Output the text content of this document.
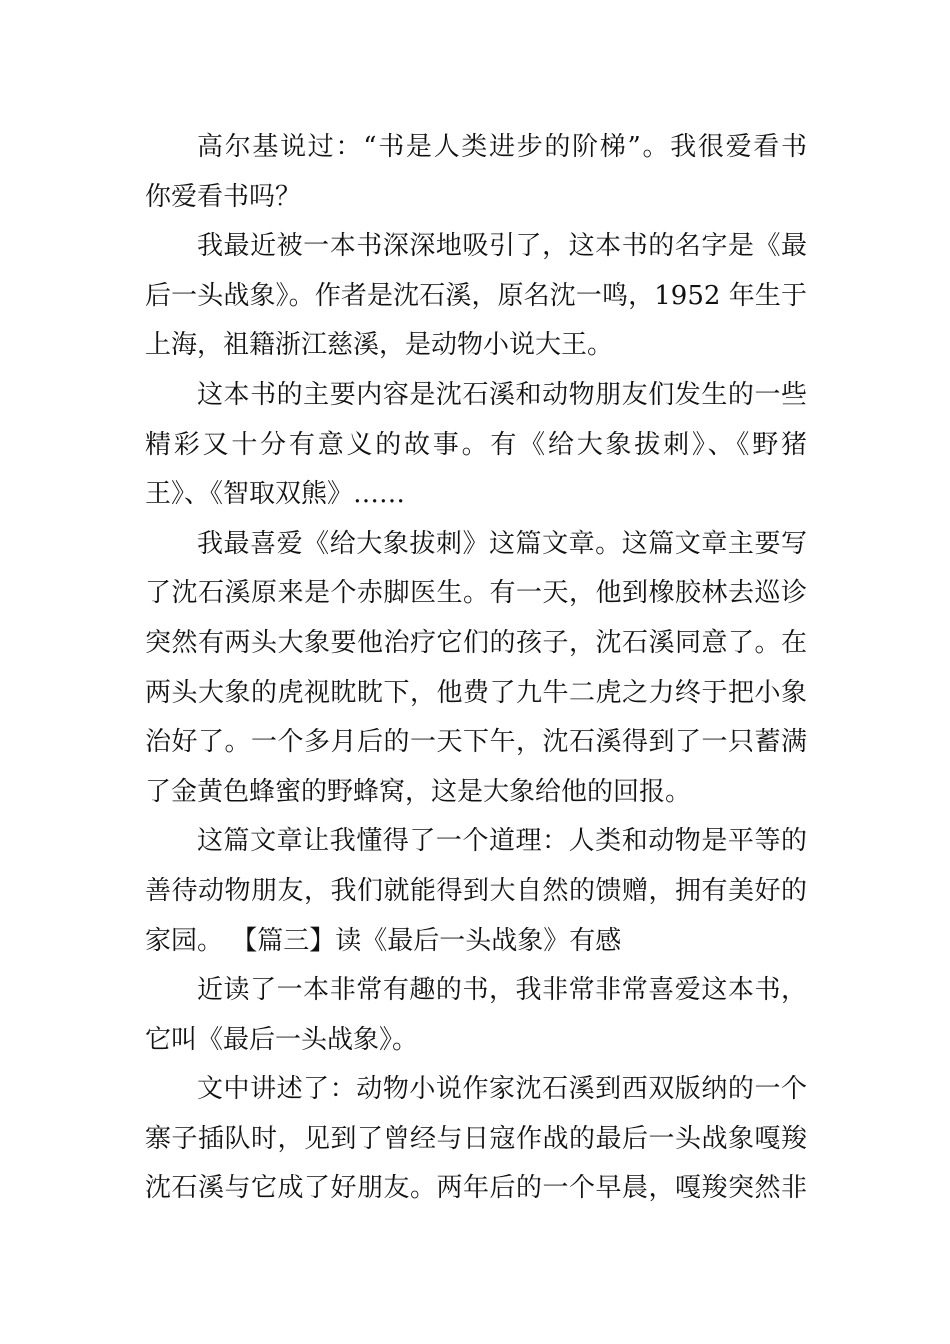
高尔基说过：“书是人类进步的阶梯”。我很爱看书
你爱看书吗？
我最近被一本书深深地吸引了，这本书的名字是《最
后一头战象》。作者是沈石溪，原名沈一鸣，1952 年生于
上海，祖籍浙江慈溪，是动物小说大王。
这本书的主要内容是沈石溪和动物朋友们发生的一些
精彩又十分有意义的故事。有《给大象拔刺》、《野猪
王》、《智取双熊》……
我最喜爱《给大象拔刺》这篇文章。这篇文章主要写
了沈石溪原来是个赤脚医生。有一天，他到橡胶林去巡诊
突然有两头大象要他治疗它们的孩子，沈石溪同意了。在
两头大象的虎视眈眈下，他费了九牛二虎之力终于把小象
治好了。一个多月后的一天下午，沈石溪得到了一只蓄满
了金黄色蜂蜜的野蜂窝，这是大象给他的回报。
这篇文章让我懂得了一个道理：人类和动物是平等的
善待动物朋友，我们就能得到大自然的馈赠，拥有美好的
家园。 【篇三】读《最后一头战象》有感
近读了一本非常有趣的书，我非常非常喜爱这本书，
它叫《最后一头战象》。
文中讲述了：动物小说作家沈石溪到西双版纳的一个
寨子插队时，见到了曾经与日寇作战的最后一头战象嘎羧
沈石溪与它成了好朋友。两年后的一个早晨，嘎羧突然非
